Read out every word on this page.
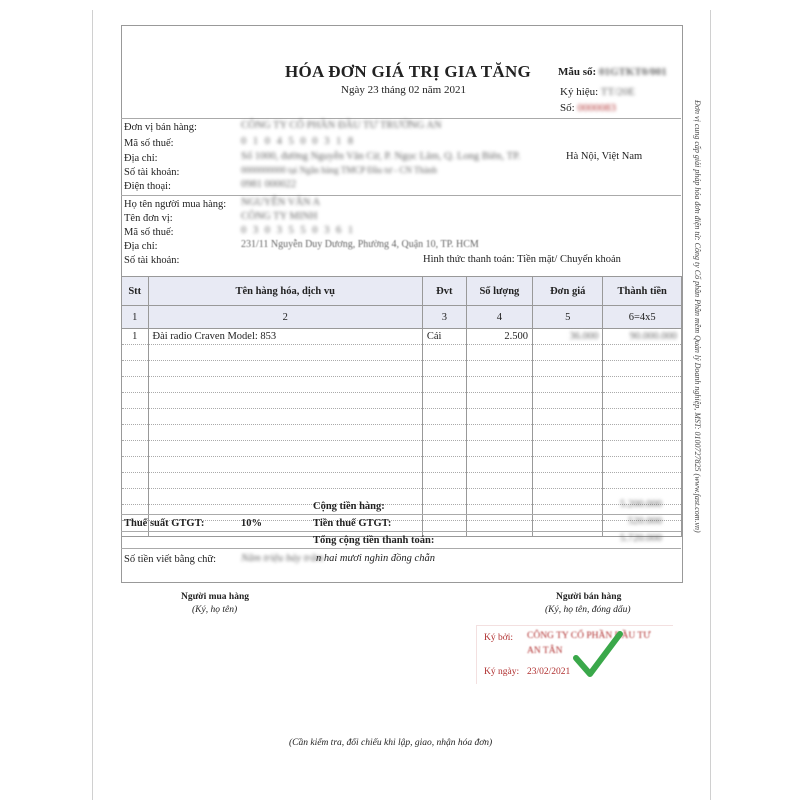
HÓA ĐƠN GIÁ TRỊ GIA TĂNG
Ngày 23 tháng 02 năm 2021
Mẫu số: 01GTKT0/001
Ký hiệu: TT/20E
Số: 0000083
Đơn vị bán hàng:	CÔNG TY CỔ PHẦN ĐẦU TƯ TRƯỜNG AN
Mã số thuế:	0 1 0 4 5 0 0 3 1 8
Địa chỉ:	Số 1000, đường Nguyễn Văn Cừ, P. Ngọc Lâm, Q. Long Biên, TP.	Hà Nội, Việt Nam
Số tài khoản:	0000000000 tại Ngân hàng TMCP Đầu tư - CN Thành
Điện thoại:	0981 000022
Họ tên người mua hàng: NGUYỄN VĂN A
Tên đơn vị:	CÔNG TY MINH
Mã số thuế:	0 3 0 3 5 5 0 3 6 1
Địa chỉ:	231/11 Nguyễn Duy Dương, Phường 4, Quận 10, TP. HCM
Số tài khoản:	Hình thức thanh toán: Tiền mặt/ Chuyển khoản
Stt	Tên hàng hóa, dịch vụ	Đvt	Số lượng	Đơn giá	Thành tiền
1	2	3	4	5	6=4x5
1	Đài radio Craven Model: 853	Cái	2.500	36.000	90.000.000

Cộng tiền hàng:	5.200.000
Thuế suất GTGT:	10%	Tiền thuế GTGT:	520.000
Tổng cộng tiền thanh toán:	5.720.000
Số tiền viết bằng chữ: Năm triệu bảy trăm
n hai mươi nghìn đồng chẵn
Đơn vị cung cấp giải pháp hóa đơn điện tử: Công ty Cổ phần Phần mềm Quản lý Doanh nghiệp, MST: 0100727825 (www.fast.com.vn)
Người mua hàng
(Ký, họ tên)
Người bán hàng
(Ký, họ tên, đóng dấu)
Ký bởi: CÔNG TY CỔ PHẦN ĐẦU TƯ
AN TÂN
Ký ngày: 23/02/2021
(Cần kiểm tra, đối chiếu khi lập, giao, nhận hóa đơn)
